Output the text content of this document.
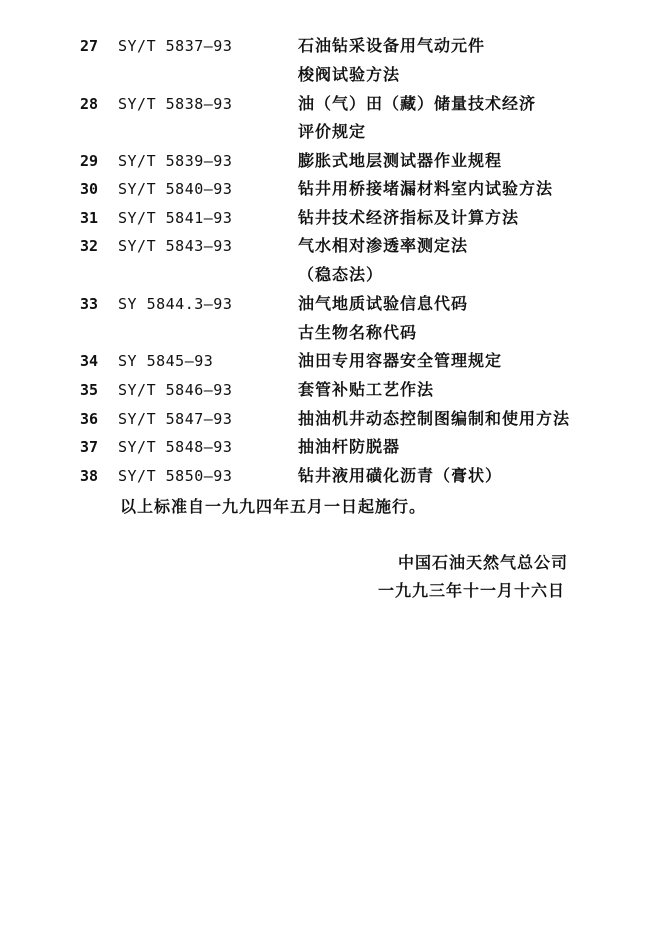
27	SY/T 5837—93	石油钻采设备用气动元件
梭阀试验方法
28	SY/T 5838—93	油（气）田（藏）储量技术经济
评价规定
29	SY/T 5839—93	膨胀式地层测试器作业规程
30	SY/T 5840—93	钻井用桥接堵漏材料室内试验方法
31	SY/T 5841—93	钻井技术经济指标及计算方法
32	SY/T 5843—93	气水相对渗透率测定法
（稳态法）
33	SY 5844.3—93	油气地质试验信息代码
古生物名称代码
34	SY 5845—93	油田专用容器安全管理规定
35	SY/T 5846—93	套管补贴工艺作法
36	SY/T 5847—93	抽油机井动态控制图编制和使用方法
37	SY/T 5848—93	抽油杆防脱器
38	SY/T 5850—93	钻井液用磺化沥青（膏状）
以上标准自一九九四年五月一日起施行。
中国石油天然气总公司
一九九三年十一月十六日
